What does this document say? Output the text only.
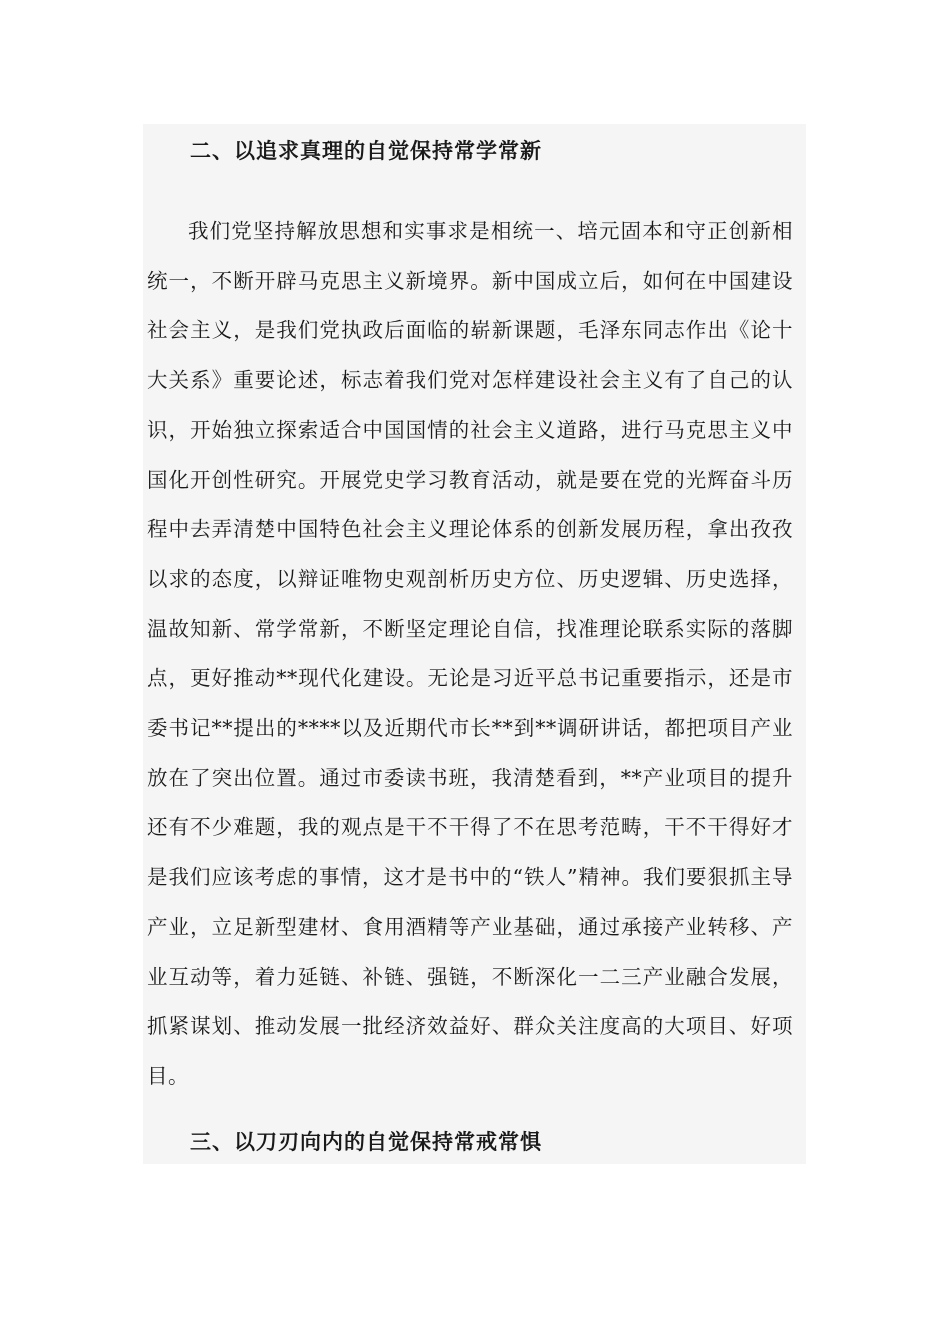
二、以追求真理的自觉保持常学常新

我们党坚持解放思想和实事求是相统一、培元固本和守正创新相统一，不断开辟马克思主义新境界。新中国成立后，如何在中国建设社会主义，是我们党执政后面临的崭新课题，毛泽东同志作出《论十大关系》重要论述，标志着我们党对怎样建设社会主义有了自己的认识，开始独立探索适合中国国情的社会主义道路，进行马克思主义中国化开创性研究。开展党史学习教育活动，就是要在党的光辉奋斗历程中去弄清楚中国特色社会主义理论体系的创新发展历程，拿出孜孜以求的态度，以辩证唯物史观剖析历史方位、历史逻辑、历史选择，温故知新、常学常新，不断坚定理论自信，找准理论联系实际的落脚点，更好推动**现代化建设。无论是习近平总书记重要指示，还是市委书记**提出的****以及近期代市长**到**调研讲话，都把项目产业放在了突出位置。通过市委读书班，我清楚看到，**产业项目的提升还有不少难题，我的观点是干不干得了不在思考范畴，干不干得好才是我们应该考虑的事情，这才是书中的“铁人”精神。我们要狠抓主导产业，立足新型建材、食用酒精等产业基础，通过承接产业转移、产业互动等，着力延链、补链、强链，不断深化一二三产业融合发展，抓紧谋划、推动发展一批经济效益好、群众关注度高的大项目、好项目。

三、以刀刃向内的自觉保持常戒常惧
